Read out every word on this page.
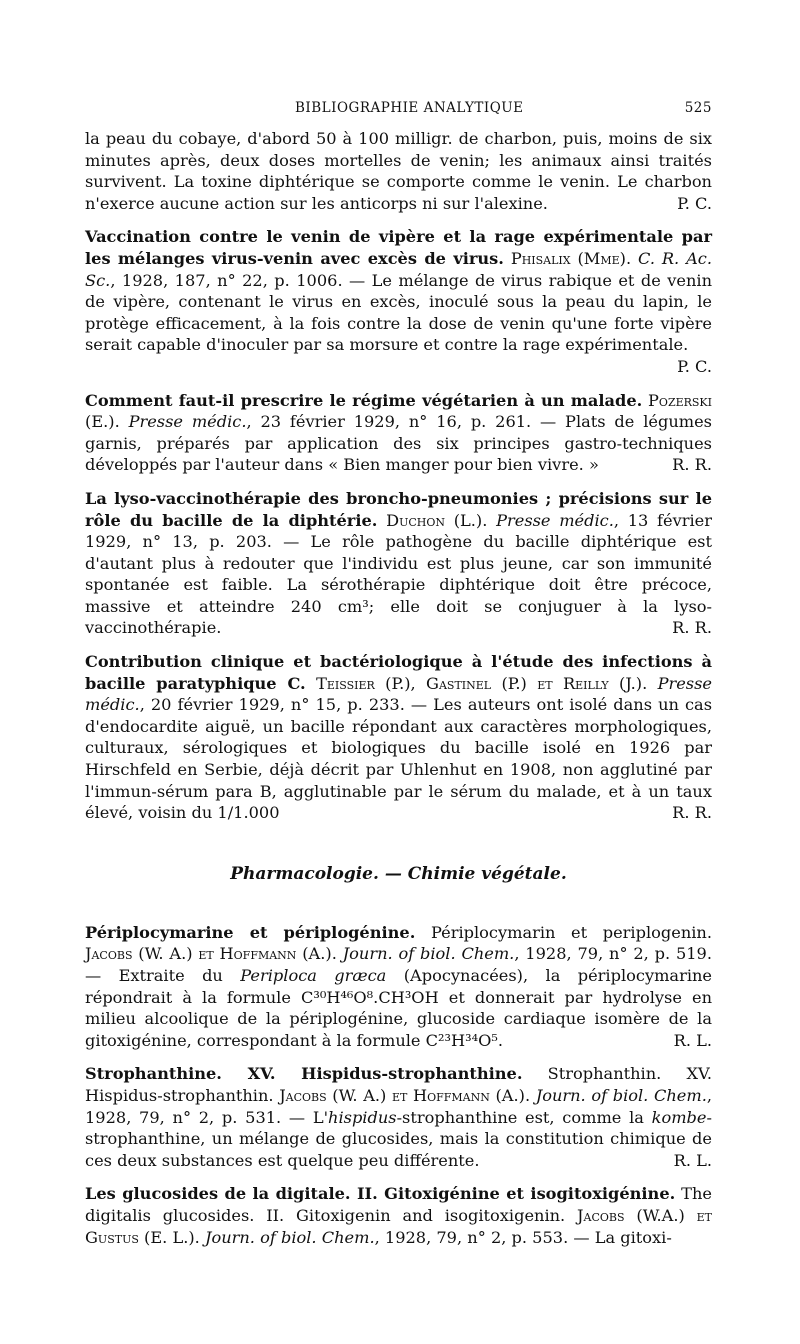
BIBLIOGRAPHIE ANALYTIQUE	525

la peau du cobaye, d'abord 50 à 100 milligr. de charbon, puis, moins de six minutes après, deux doses mortelles de venin; les animaux ainsi traités survivent. La toxine diphtérique se comporte comme le venin. Le charbon n'exerce aucune action sur les anticorps ni sur l'alexine.	P. C.

Vaccination contre le venin de vipère et la rage expérimentale par les mélanges virus-venin avec excès de virus. Phisalix (Mme). C. R. Ac. Sc., 1928, 187, n° 22, p. 1006. — Le mélange de virus rabique et de venin de vipère, contenant le virus en excès, inoculé sous la peau du lapin, le protège efficacement, à la fois contre la dose de venin qu'une forte vipère serait capable d'inoculer par sa morsure et contre la rage expérimentale.
P. C.

Comment faut-il prescrire le régime végétarien à un malade. Pozerski (E.). Presse médic., 23 février 1929, n° 16, p. 261. — Plats de légumes garnis, préparés par application des six principes gastro-techniques développés par l'auteur dans « Bien manger pour bien vivre. »	R. R.

La lyso-vaccinothérapie des broncho-pneumonies ; précisions sur le rôle du bacille de la diphtérie. Duchon (L.). Presse médic., 13 février 1929, n° 13, p. 203. — Le rôle pathogène du bacille diphtérique est d'autant plus à redouter que l'individu est plus jeune, car son immunité spontanée est faible. La sérothérapie diphtérique doit être précoce, massive et atteindre 240 cm³; elle doit se conjuguer à la lyso-vaccinothérapie.	R. R.

Contribution clinique et bactériologique à l'étude des infections à bacille paratyphique C. Teissier (P.), Gastinel (P.) et Reilly (J.). Presse médic., 20 février 1929, n° 15, p. 233. — Les auteurs ont isolé dans un cas d'endocardite aiguë, un bacille répondant aux caractères morphologiques, culturaux, sérologiques et biologiques du bacille isolé en 1926 par Hirschfeld en Serbie, déjà décrit par Uhlenhut en 1908, non agglutiné par l'immun-sérum para B, agglutinable par le sérum du malade, et à un taux élevé, voisin du 1/1.000	R. R.

Pharmacologie. — Chimie végétale.

Périplocymarine et périplogénine. Périplocymarin et periplogenin. Jacobs (W. A.) et Hoffmann (A.). Journ. of biol. Chem., 1928, 79, n° 2, p. 519. — Extraite du Periploca græca (Apocynacées), la périplocymarine répondrait à la formule C³⁰H⁴⁶O⁸.CH³OH et donnerait par hydrolyse en milieu alcoolique de la périplogénine, glucoside cardiaque isomère de la gitoxigénine, correspondant à la formule C²³H³⁴O⁵.	R. L.

Strophanthine. XV. Hispidus-strophanthine. Strophanthin. XV. Hispidus-strophanthin. Jacobs (W. A.) et Hoffmann (A.). Journ. of biol. Chem., 1928, 79, n° 2, p. 531. — L'hispidus-strophanthine est, comme la kombe-strophanthine, un mélange de glucosides, mais la constitution chimique de ces deux substances est quelque peu différente.	R. L.

Les glucosides de la digitale. II. Gitoxigénine et isogitoxigénine. The digitalis glucosides. II. Gitoxigenin and isogitoxigenin. Jacobs (W.A.) et Gustus (E. L.). Journ. of biol. Chem., 1928, 79, n° 2, p. 553. — La gitoxi-
